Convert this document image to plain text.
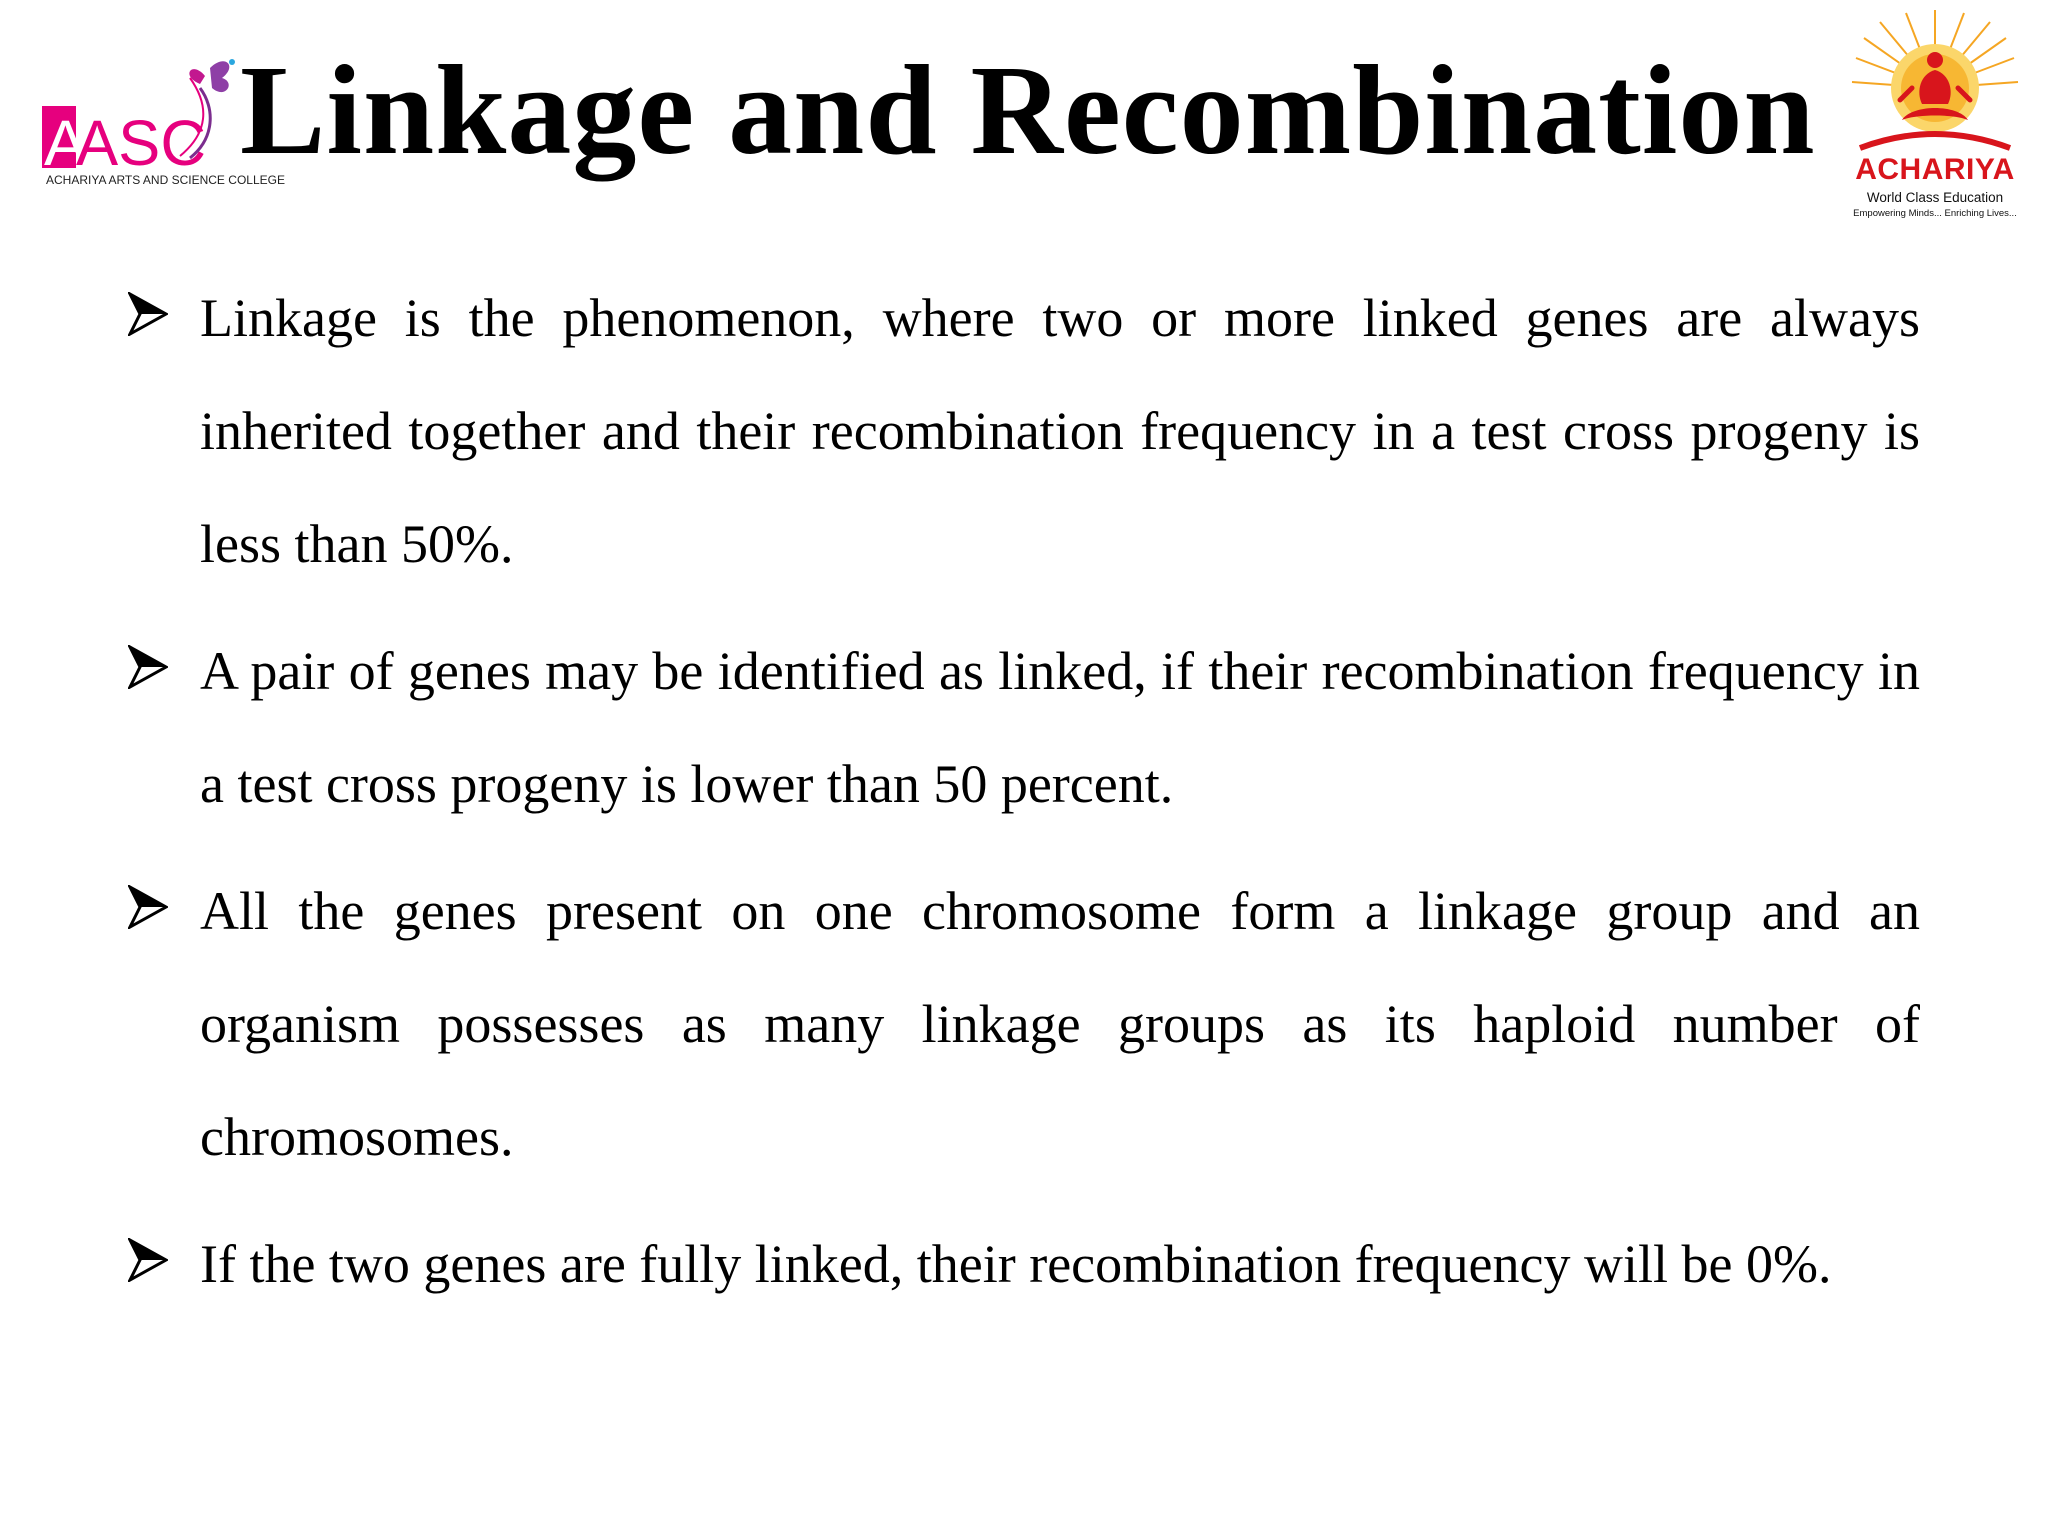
A
ASC
ACHARIYA ARTS AND SCIENCE COLLEGE
Linkage and Recombination	ACHARIYA
World Class Education
Empowering Minds... Enriching Lives...
Linkage is the phenomenon, where two or more linked genes are always inherited together and their recombination frequency in a test cross progeny is less than 50%.
A pair of genes may be identified as linked, if their recombination frequency in a test cross progeny is lower than 50 percent.
All the genes present on one chromosome form a linkage group and an organism possesses as many linkage groups as its haploid number of chromosomes.
If the two genes are fully linked, their recombination frequency will be 0%.
